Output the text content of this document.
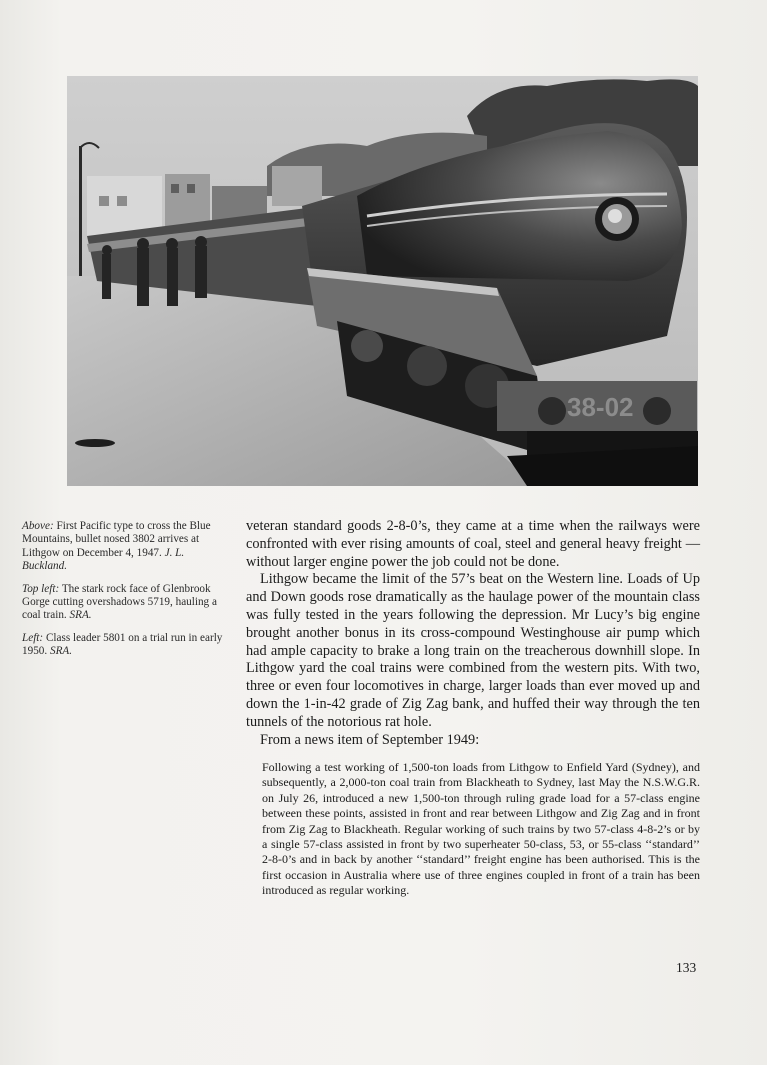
38-02

Above: First Pacific type to cross the Blue Mountains, bullet nosed 3802 arrives at Lithgow on December 4, 1947. J. L. Buckland.

Top left: The stark rock face of Glenbrook Gorge cutting overshadows 5719, hauling a coal train. SRA.

Left: Class leader 5801 on a trial run in early 1950. SRA.

veteran standard goods 2-8-0’s, they came at a time when the railways were confronted with ever rising amounts of coal, steel and general heavy freight — without larger engine power the job could not be done.

Lithgow became the limit of the 57’s beat on the Western line. Loads of Up and Down goods rose dramatically as the haulage power of the mountain class was fully tested in the years following the depression. Mr Lucy’s big engine brought another bonus in its cross-compound Westinghouse air pump which had ample capacity to brake a long train on the treacherous downhill slope. In Lithgow yard the coal trains were combined from the western pits. With two, three or even four locomotives in charge, larger loads than ever moved up and down the 1-in-42 grade of Zig Zag bank, and huffed their way through the ten tunnels of the notorious rat hole.

From a news item of September 1949:

Following a test working of 1,500-ton loads from Lithgow to Enfield Yard (Sydney), and subsequently, a 2,000-ton coal train from Blackheath to Sydney, last May the N.S.W.G.R. on July 26, introduced a new 1,500-ton through ruling grade load for a 57-class engine between these points, assisted in front and rear between Lithgow and Zig Zag and in front from Zig Zag to Blackheath. Regular working of such trains by two 57-class 4-8-2’s or by a single 57-class assisted in front by two superheater 50-class, 53, or 55-class ‘‘standard’’ 2-8-0’s and in back by another ‘‘standard’’ freight engine has been authorised. This is the first occasion in Australia where use of three engines coupled in front of a train has been introduced as regular working.

133
